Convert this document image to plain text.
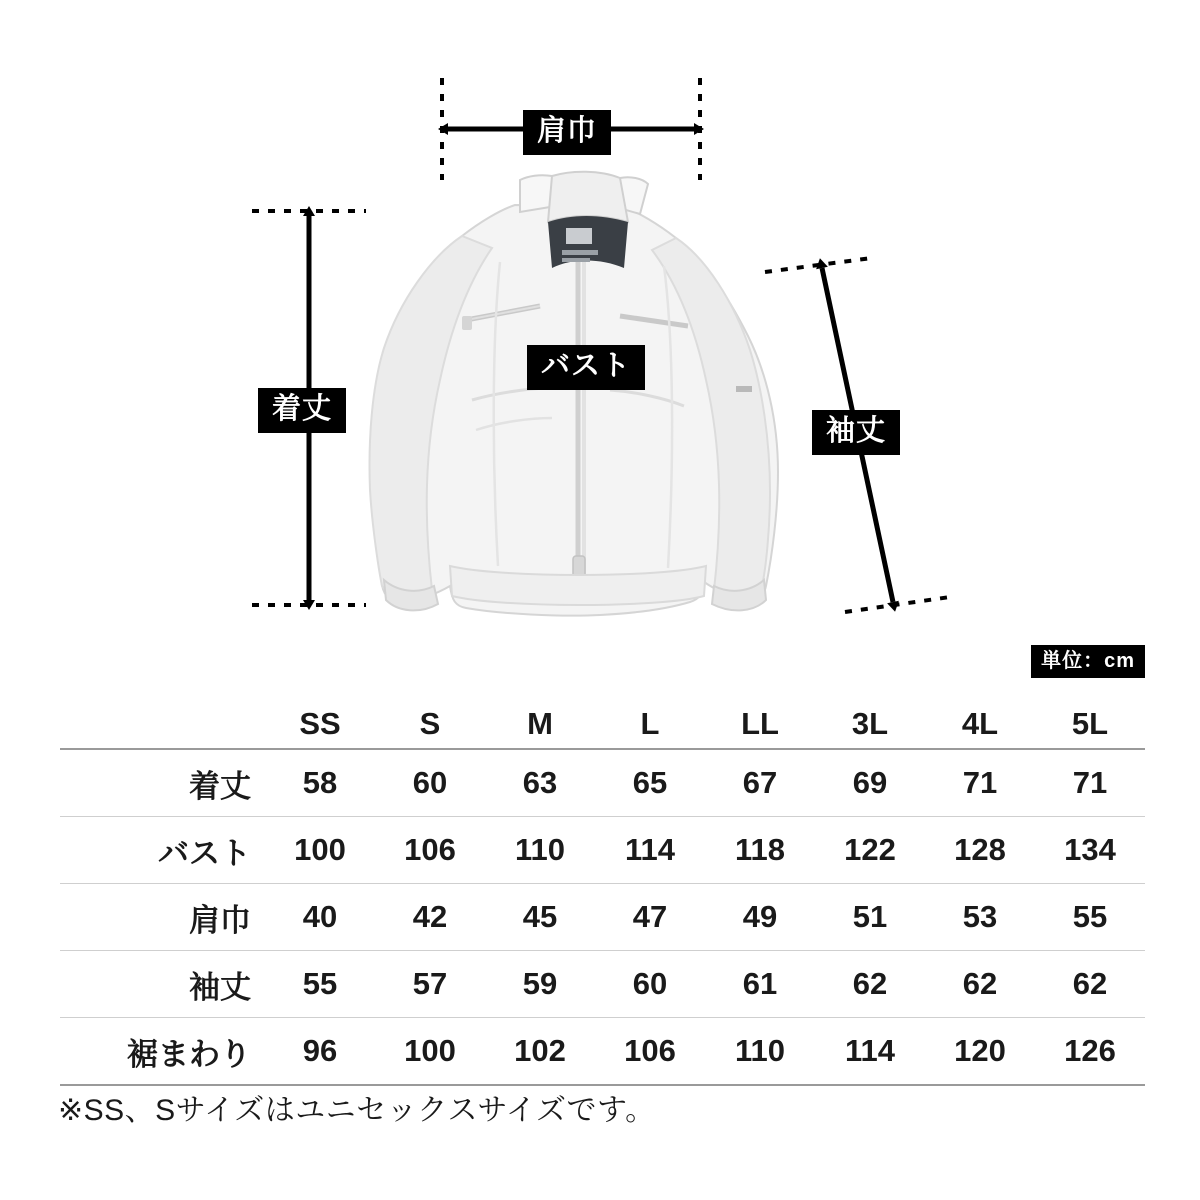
肩巾
バスト
着丈
袖丈
単位：cm
	SS	S	M	L	LL	3L	4L	5L
着丈	58	60	63	65	67	69	71	71
バスト	100	106	110	114	118	122	128	134
肩巾	40	42	45	47	49	51	53	55
袖丈	55	57	59	60	61	62	62	62
裾まわり	96	100	102	106	110	114	120	126
※SS、Sサイズはユニセックスサイズです。
